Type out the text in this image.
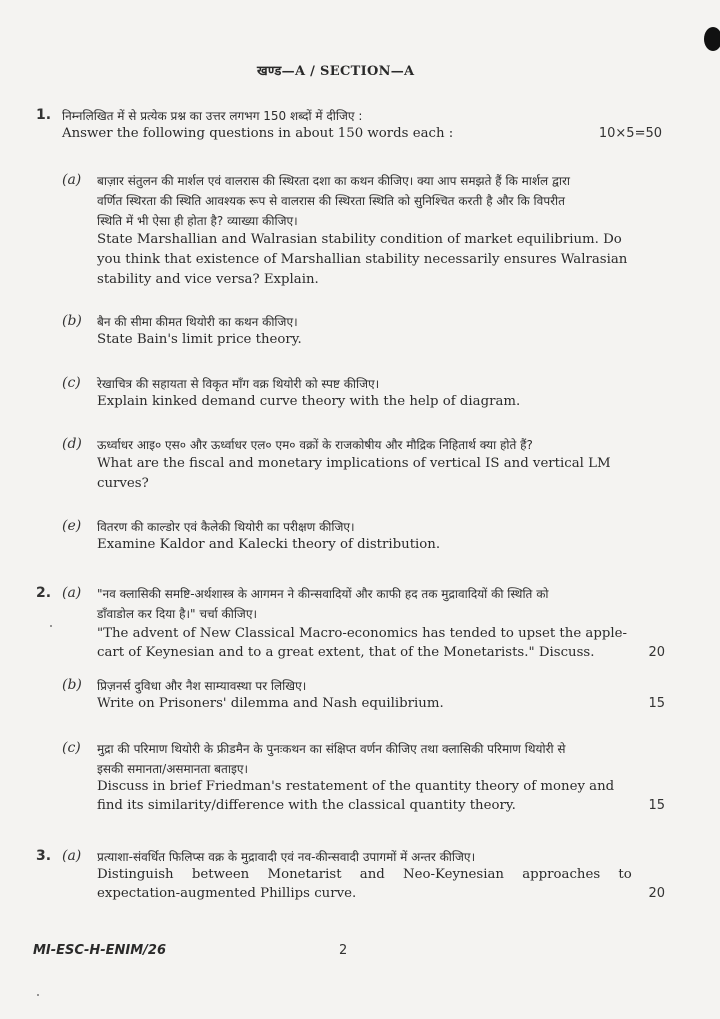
खण्ड—A / SECTION—A
1. निम्नलिखित में से प्रत्येक प्रश्न का उत्तर लगभग 150 शब्दों में दीजिए :
Answer the following questions in about 150 words each :	10×5=50
(a) बाज़ार संतुलन की मार्शल एवं वालरास की स्थिरता दशा का कथन कीजिए। क्या आप समझते हैं कि मार्शल द्वारा
वर्णित स्थिरता की स्थिति आवश्यक रूप से वालरास की स्थिरता स्थिति को सुनिश्चित करती है और कि विपरीत
स्थिति में भी ऐसा ही होता है? व्याख्या कीजिए।
State Marshallian and Walrasian stability condition of market equilibrium. Do
you think that existence of Marshallian stability necessarily ensures Walrasian
stability and vice versa? Explain.
(b) बैन की सीमा कीमत थियोरी का कथन कीजिए।
State Bain's limit price theory.
(c) रेखाचित्र की सहायता से विकृत माँग वक्र थियोरी को स्पष्ट कीजिए।
Explain kinked demand curve theory with the help of diagram.
(d) ऊर्ध्वाधर आइ० एस० और ऊर्ध्वाधर एल० एम० वक्रों के राजकोषीय और मौद्रिक निहितार्थ क्या होते हैं?
What are the fiscal and monetary implications of vertical IS and vertical LM
curves?
(e) वितरण की काल्डोर एवं कैलेकी थियोरी का परीक्षण कीजिए।
Examine Kaldor and Kalecki theory of distribution.
2. (a) "नव क्लासिकी समष्टि-अर्थशास्त्र के आगमन ने कीन्सवादियों और काफी हद तक मुद्रावादियों की स्थिति को
डाँवाडोल कर दिया है।" चर्चा कीजिए।
"The advent of New Classical Macro-economics has tended to upset the apple-
cart of Keynesian and to a great extent, that of the Monetarists." Discuss.	20
(b) प्रिज़नर्स दुविधा और नैश साम्यावस्था पर लिखिए।
Write on Prisoners' dilemma and Nash equilibrium.	15
(c) मुद्रा की परिमाण थियोरी के फ्रीडमैन के पुनःकथन का संक्षिप्त वर्णन कीजिए तथा क्लासिकी परिमाण थियोरी से
इसकी समानता/असमानता बताइए।
Discuss in brief Friedman's restatement of the quantity theory of money and
find its similarity/difference with the classical quantity theory.	15
3. (a) प्रत्याशा-संवर्धित फिलिप्स वक्र के मुद्रावादी एवं नव-कीन्सवादी उपागमों में अन्तर कीजिए।
Distinguish between Monetarist and Neo-Keynesian approaches to
expectation-augmented Phillips curve.	20
MI-ESC-H-ENIM/26	2
